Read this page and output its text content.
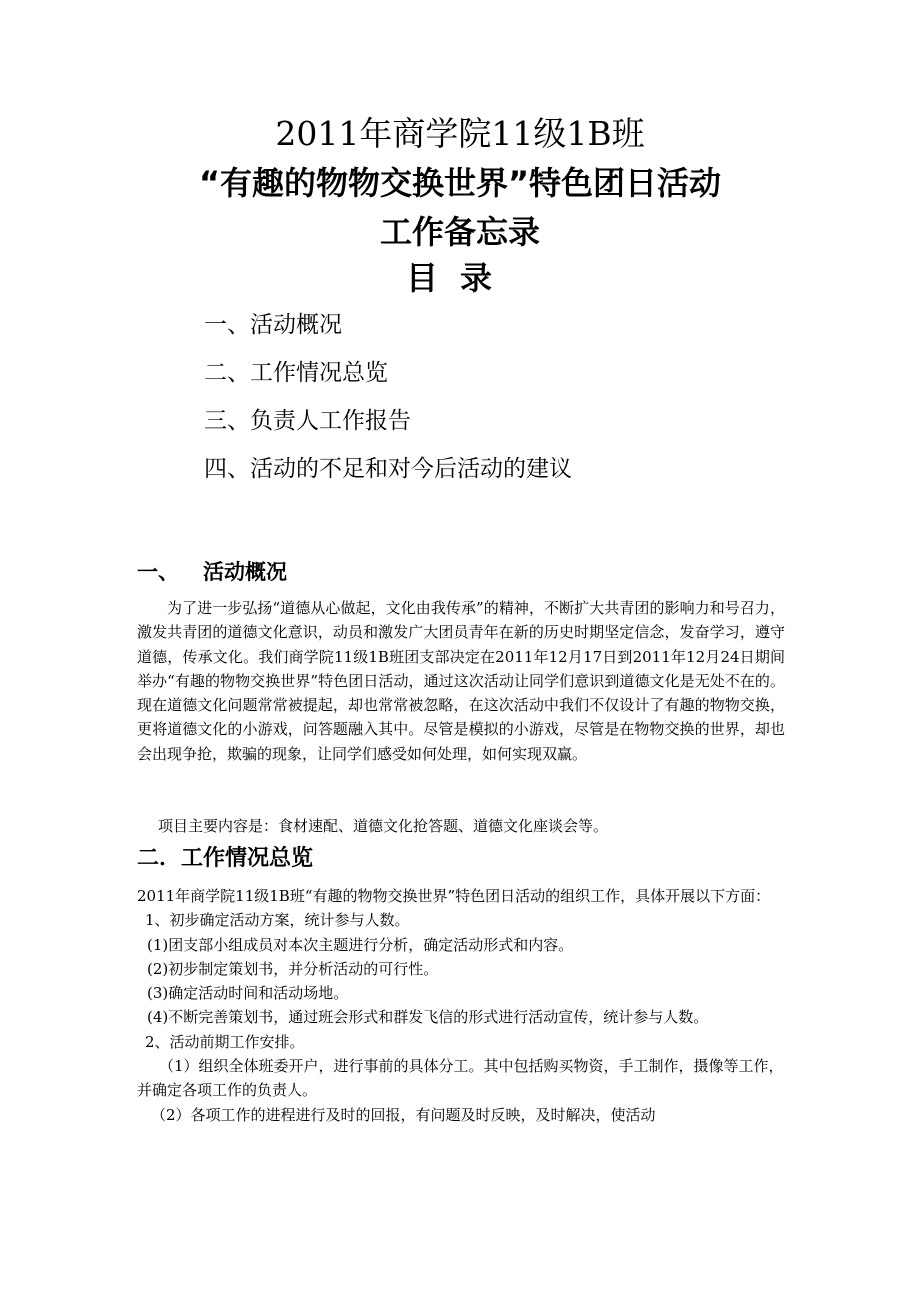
2011年商学院11级1B班
“有趣的物物交换世界”特色团日活动
工作备忘录
目录
一、活动概况
二、工作情况总览
三、负责人工作报告
四、活动的不足和对今后活动的建议
一、 活动概况
为了进一步弘扬“道德从心做起，文化由我传承”的精神，不断扩大共青团的影响力和号召力，激发共青团的道德文化意识，动员和激发广大团员青年在新的历史时期坚定信念，发奋学习，遵守道德，传承文化。我们商学院11级1B班团支部决定在2011年12月17日到2011年12月24日期间举办“有趣的物物交换世界”特色团日活动，通过这次活动让同学们意识到道德文化是无处不在的。现在道德文化问题常常被提起，却也常常被忽略，在这次活动中我们不仅设计了有趣的物物交换，更将道德文化的小游戏，问答题融入其中。尽管是模拟的小游戏，尽管是在物物交换的世界，却也会出现争抢，欺骗的现象，让同学们感受如何处理，如何实现双赢。
项目主要内容是：食材速配、道德文化抢答题、道德文化座谈会等。
二．工作情况总览
2011年商学院11级1B班“有趣的物物交换世界”特色团日活动的组织工作，具体开展以下方面：
1、初步确定活动方案，统计参与人数。
(1)团支部小组成员对本次主题进行分析，确定活动形式和内容。
(2)初步制定策划书，并分析活动的可行性。
(3)确定活动时间和活动场地。
(4)不断完善策划书，通过班会形式和群发飞信的形式进行活动宣传，统计参与人数。
2、活动前期工作安排。
（1）组织全体班委开户，进行事前的具体分工。其中包括购买物资，手工制作，摄像等工作，并确定各项工作的负责人。
（2）各项工作的进程进行及时的回报，有问题及时反映，及时解决，使活动
